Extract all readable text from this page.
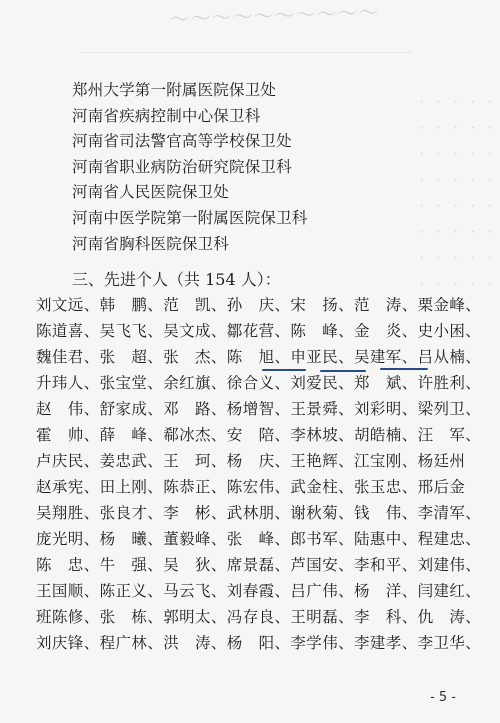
～～～～～～～～～～
·　·　·　·　·
·　·　·　·　·
·　·　·　·　·
·　·　·　·　·
·　·　·　·　·
·　·　·　·　·
·　·　·　·　·
·　·　·　·　·
郑州大学第一附属医院保卫处
河南省疾病控制中心保卫科
河南省司法警官高等学校保卫处
河南省职业病防治研究院保卫科
河南省人民医院保卫处
河南中医学院第一附属医院保卫科
河南省胸科医院保卫科
三、先进个人（共 154 人）：
刘文远、韩　鹏、范　凯、孙　庆、宋　扬、范　涛、栗金峰、
陈道喜、吴飞飞、吴文成、鄒花营、陈　峰、金　炎、史小困、
魏佳君、张　超、张　杰、陈　旭、申亚民、吴建军、吕从楠、
升玮人、张宝堂、余红旗、徐合义、刘爱民、郑　斌、许胜利、
赵　伟、舒家成、邓　路、杨增智、王景舜、刘彩明、梁列卫、
霍　帅、薛　峰、郗冰杰、安　陪、李林坡、胡皓楠、汪　军、
卢庆民、姜忠武、王　珂、杨　庆、王艳辉、江宝刚、杨廷州
赵承宪、田上刚、陈恭正、陈宏伟、武金柱、张玉忠、邢后金
吴翔胜、张良才、李　彬、武林朋、谢秋菊、钱　伟、李清军、
庞光明、杨　曦、董毅峰、张　峰、郎书军、陆惠中、程建忠、
陈　忠、牛　强、吴　狄、席景磊、芦国安、李和平、刘建伟、
王国顺、陈正义、马云飞、刘春霞、吕广伟、杨　洋、闫建红、
班陈修、张　栋、郭明太、冯存良、王明磊、李　科、仇　涛、
刘庆锋、程广林、洪　涛、杨　阳、李学伟、李建孝、李卫华、
- 5 -
